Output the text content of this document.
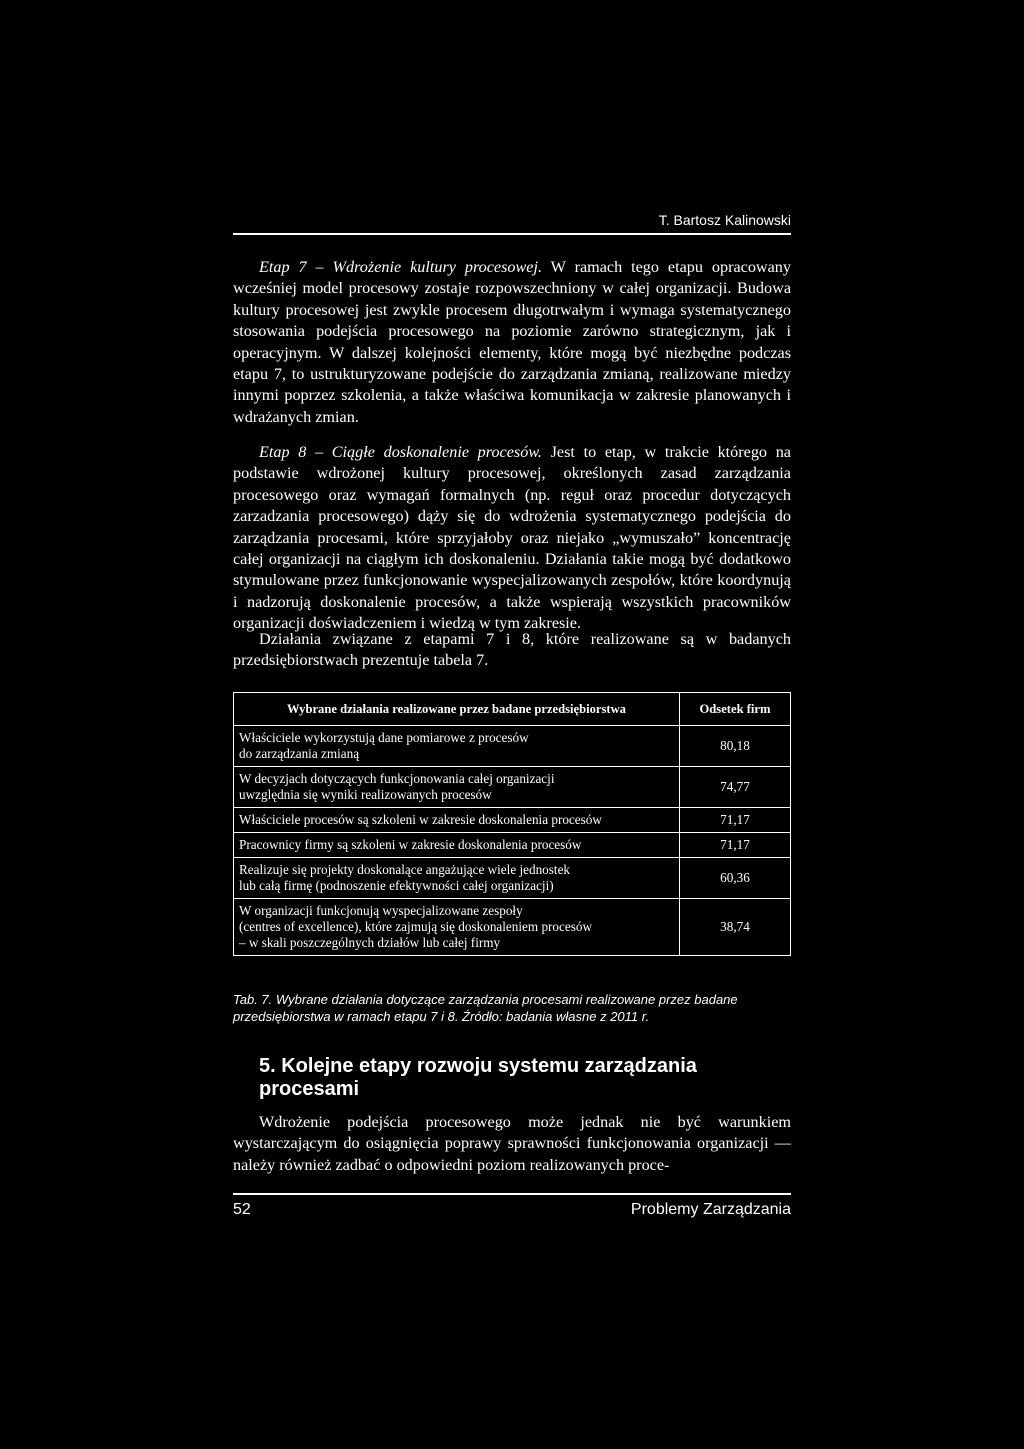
T. Bartosz Kalinowski

Etap 7 – Wdrożenie kultury procesowej. W ramach tego etapu opracowany wcześniej model procesowy zostaje rozpowszechniony w całej organizacji. Budowa kultury procesowej jest zwykle procesem długotrwałym i wymaga systematycznego stosowania podejścia procesowego na poziomie zarówno strategicznym, jak i operacyjnym. W dalszej kolejności elementy, które mogą być niezbędne podczas etapu 7, to ustrukturyzowane podejście do zarządzania zmianą, realizowane miedzy innymi poprzez szkolenia, a także właściwa komunikacja w zakresie planowanych i wdrażanych zmian.

Etap 8 – Ciągłe doskonalenie procesów. Jest to etap, w trakcie którego na podstawie wdrożonej kultury procesowej, określonych zasad zarządzania procesowego oraz wymagań formalnych (np. reguł oraz procedur dotyczących zarzadzania procesowego) dąży się do wdrożenia systematycznego podejścia do zarządzania procesami, które sprzyjałoby oraz niejako „wymuszało” koncentrację całej organizacji na ciągłym ich doskonaleniu. Działania takie mogą być dodatkowo stymulowane przez funkcjonowanie wyspecjalizowanych zespołów, które koordynują i nadzorują doskonalenie procesów, a także wspierają wszystkich pracowników organizacji doświadczeniem i wiedzą w tym zakresie.

Działania związane z etapami 7 i 8, które realizowane są w badanych przedsiębiorstwach prezentuje tabela 7.

Wybrane działania realizowane przez badane przedsiębiorstwa	Odsetek firm
Właściciele wykorzystują dane pomiarowe z procesów
do zarządzania zmianą	80,18
W decyzjach dotyczących funkcjonowania całej organizacji
uwzględnia się wyniki realizowanych procesów	74,77
Właściciele procesów są szkoleni w zakresie doskonalenia procesów	71,17
Pracownicy firmy są szkoleni w zakresie doskonalenia procesów	71,17
Realizuje się projekty doskonalące angażujące wiele jednostek
lub całą firmę (podnoszenie efektywności całej organizacji)	60,36
W organizacji funkcjonują wyspecjalizowane zespoły
(centres of excellence), które zajmują się doskonaleniem procesów
– w skali poszczególnych działów lub całej firmy	38,74
Tab. 7. Wybrane działania dotyczące zarządzania procesami realizowane przez badane przedsiębiorstwa w ramach etapu 7 i 8. Źródło: badania własne z 2011 r.
5. Kolejne etapy rozwoju systemu zarządzania procesami

Wdrożenie podejścia procesowego może jednak nie być warunkiem wystarczającym do osiągnięcia poprawy sprawności funkcjonowania organizacji –– należy również zadbać o odpowiedni poziom realizowanych proce-

52	Problemy Zarządzania
